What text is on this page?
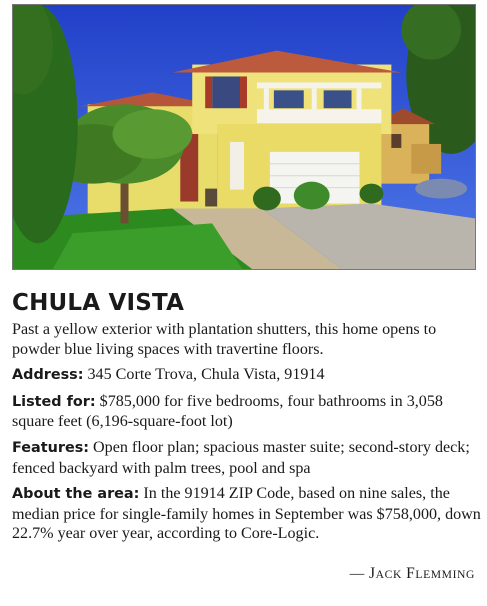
CHULA VISTA

Past a yellow exterior with plantation shutters, this home opens to powder blue living spaces with travertine floors.

Address: 345 Corte Trova, Chula Vista, 91914

Listed for: $785,000 for five bedrooms, four bathrooms in 3,058 square feet (6,196-square-foot lot)

Features: Open floor plan; spacious master suite; second-story deck; fenced backyard with palm trees, pool and spa

About the area: In the 91914 ZIP Code, based on nine sales, the median price for single-family homes in September was $758,000, down 22.7% year over year, according to Core-Logic.

— JACK FLEMMING
